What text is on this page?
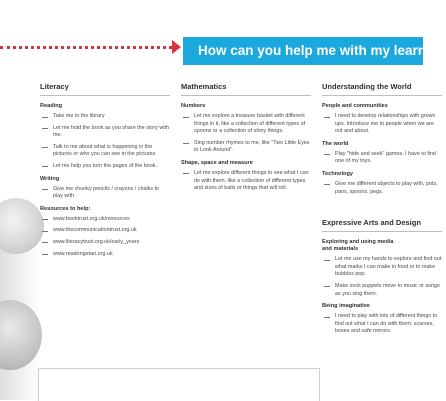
How can you help me with my learning
Literacy
Reading
Take me to the library
Let me hold the book as you share the story with me.
Talk to me about what is happening in the pictures or who you can see in the pictures.
Let me help you turn the pages of the book.
Writing
Give me chunky pencils / crayons / chalks to play with
Resources to help:
www.booktrust.org.uk/resources
www.thecommunicationtrust.org.uk
www.literacytrust.org.uk/early_years
www.readongetan.org.uk
Mathematics
Numbers
Let me explore a treasure basket with different things in it, like a collection of different types of spoons or a collection of shiny things.
Sing number rhymes to me, like "Two Little Eyes to Look Around".
Shape, space and measure
Let me explore different things to see what I can do with them, like a collection of different types and sizes of balls or things that will roll.
Understanding the World
People and communities
I need to develop relationships with grown ups. Introduce me to people when we are out and about.
The world
Play "hide and seek" games. I have to find one of my toys.
Technology
Give me different objects to play with, pots, pans, spoons, pegs.
Expressive Arts and Design
Exploring and using media
and materials
Let me use my hands to explore and find out what marks I can make in food or to make bubbles pop.
Make sock puppets move to music or songs as you sing them.
Being imaginative
I need to play with lots of different things to find out what I can do with them: scarves, boxes and safe mirrors.
